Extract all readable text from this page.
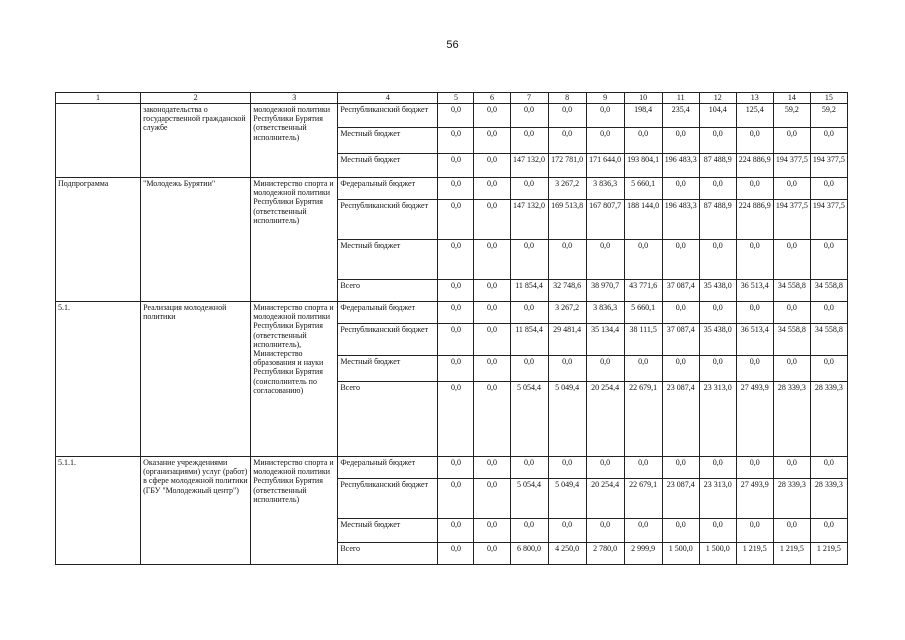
56
1	2	3	4	5	6	7	8	9	10	11	12	13	14	15
	законодательства о государственной гражданской службе	молодежной политики Республики Бурятия (ответственный исполнитель)	Республиканский бюджет	0,0	0,0	0,0	0,0	0,0	198,4	235,4	104,4	125,4	59,2	59,2
			Местный бюджет	0,0	0,0	0,0	0,0	0,0	0,0	0,0	0,0	0,0	0,0	0,0
			Местный бюджет	0,0	0,0	147 132,0	172 781,0	171 644,0	193 804,1	196 483,3	87 488,9	224 886,9	194 377,5	194 377,5
Подпрограмма	"Молодежь Бурятии"	Министерство спорта и молодежной политики Республики Бурятия (ответственный исполнитель)	Федеральный бюджет	0,0	0,0	0,0	3 267,2	3 836,3	5 660,1	0,0	0,0	0,0	0,0	0,0
			Республиканский бюджет	0,0	0,0	147 132,0	169 513,8	167 807,7	188 144,0	196 483,3	87 488,9	224 886,9	194 377,5	194 377,5
			Местный бюджет	0,0	0,0	0,0	0,0	0,0	0,0	0,0	0,0	0,0	0,0	0,0
			Всего	0,0	0,0	11 854,4	32 748,6	38 970,7	43 771,6	37 087,4	35 438,0	36 513,4	34 558,8	34 558,8
5.1.	Реализация молодежной политики	Министерство спорта и молодежной политики Республики Бурятия (ответственный исполнитель), Министерство образования и науки Республики Бурятия (соисполнитель по согласованию)	Федеральный бюджет	0,0	0,0	0,0	3 267,2	3 836,3	5 660,1	0,0	0,0	0,0	0,0	0,0
			Республиканский бюджет	0,0	0,0	11 854,4	29 481,4	35 134,4	38 111,5	37 087,4	35 438,0	36 513,4	34 558,8	34 558,8
			Местный бюджет	0,0	0,0	0,0	0,0	0,0	0,0	0,0	0,0	0,0	0,0	0,0
			Всего	0,0	0,0	5 054,4	5 049,4	20 254,4	22 679,1	23 087,4	23 313,0	27 493,9	28 339,3	28 339,3
5.1.1.	Оказание учреждениями (организациями) услуг (работ) в сфере молодежной политики (ГБУ "Молодежный центр")	Министерство спорта и молодежной политики Республики Бурятия (ответственный исполнитель)	Федеральный бюджет	0,0	0,0	0,0	0,0	0,0	0,0	0,0	0,0	0,0	0,0	0,0
			Республиканский бюджет	0,0	0,0	5 054,4	5 049,4	20 254,4	22 679,1	23 087,4	23 313,0	27 493,9	28 339,3	28 339,3
			Местный бюджет	0,0	0,0	0,0	0,0	0,0	0,0	0,0	0,0	0,0	0,0	0,0
			Всего	0,0	0,0	6 800,0	4 250,0	2 780,0	2 999,9	1 500,0	1 500,0	1 219,5	1 219,5	1 219,5
